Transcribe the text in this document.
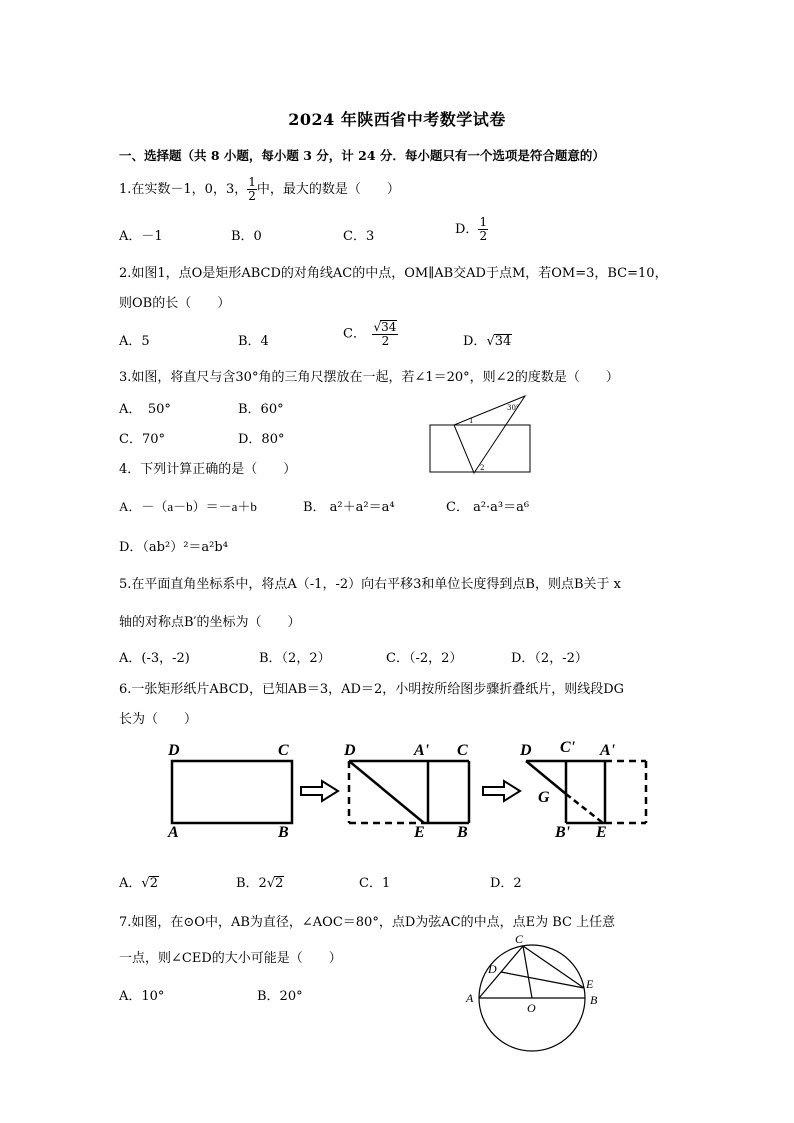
2024 年陕西省中考数学试卷
一、选择题（共 8 小题，每小题 3 分，计 24 分．每小题只有一个选项是符合题意的）
1.在实数－1，0，3， $\frac{1}{2}$ 中，最大的数是（　　）
A．－1	B．0	C．3	D． $\frac{1}{2}$
2.如图1，点O是矩形ABCD的对角线AC的中点，OM∥AB交AD于点M，若OM=3，BC=10，
则OB的长（　　）
A．5	B．4	C．　 $\frac{√34}{2}$	D．√34
3.如图，将直尺与含30°角的三角尺摆放在一起，若∠1＝20°，则∠2的度数是（　　）
A．　50°	B．60°
C．70°	D．80°
30°
1
2
4．下列计算正确的是（　　）
A．－（a－b）＝－a＋b	B． a²＋a²＝a⁴	C． a²·a³＝a⁶
D．（ab²）²＝a²b⁴
5.在平面直角坐标系中，将点A（-1，-2）向右平移3和单位长度得到点B，则点B关于 x
轴的对称点B′的坐标为（　　）
A．(-3，-2)	B．（2，2）	C．（-2，2）	D．（2，-2）
6.一张矩形纸片ABCD，已知AB＝3，AD＝2，小明按所给图步骤折叠纸片，则线段DG
长为（　　）
D	C
A	B
D	A' C
E B
D C' A'
G
B' E
A．√2	B．2√2	C．1	D．2
7.如图，在⊙O中，AB为直径，∠AOC＝80°，点D为弦AC的中点，点E为 BC 上任意
一点，则∠CED的大小可能是（　　）
A．10°	B．20°
C
D
E
A
O
B
